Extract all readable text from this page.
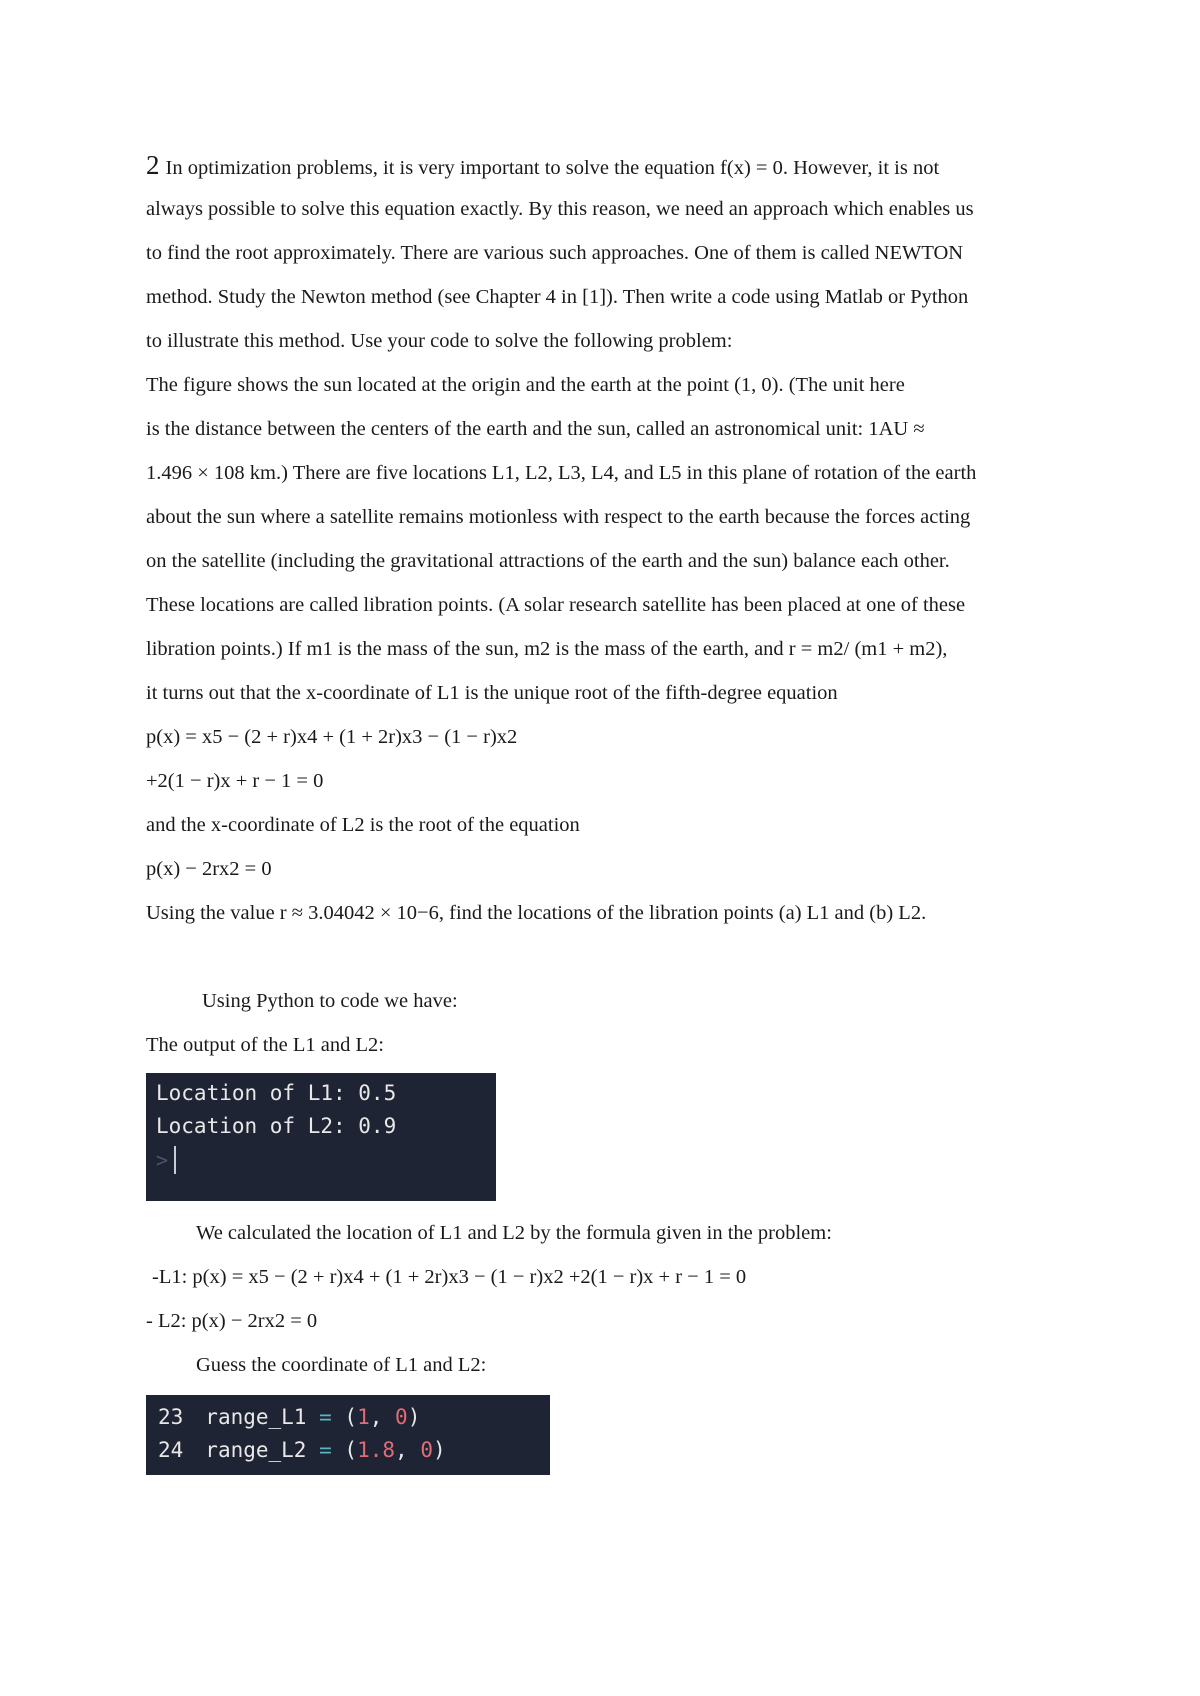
2 In optimization problems, it is very important to solve the equation f(x) = 0. However, it is not
always possible to solve this equation exactly. By this reason, we need an approach which enables us
to find the root approximately. There are various such approaches. One of them is called NEWTON
method. Study the Newton method (see Chapter 4 in [1]). Then write a code using Matlab or Python
to illustrate this method. Use your code to solve the following problem:
The figure shows the sun located at the origin and the earth at the point (1, 0). (The unit here
is the distance between the centers of the earth and the sun, called an astronomical unit: 1AU ≈
1.496 × 108 km.) There are five locations L1, L2, L3, L4, and L5 in this plane of rotation of the earth
about the sun where a satellite remains motionless with respect to the earth because the forces acting
on the satellite (including the gravitational attractions of the earth and the sun) balance each other.
These locations are called libration points. (A solar research satellite has been placed at one of these
libration points.) If m1 is the mass of the sun, m2 is the mass of the earth, and r = m2/ (m1 + m2),
it turns out that the x-coordinate of L1 is the unique root of the fifth-degree equation
p(x) = x5 − (2 + r)x4 + (1 + 2r)x3 − (1 − r)x2
+2(1 − r)x + r − 1 = 0
and the x-coordinate of L2 is the root of the equation
p(x) − 2rx2 = 0
Using the value r ≈ 3.04042 × 10−6, find the locations of the libration points (a) L1 and (b) L2.
Using Python to code we have:
The output of the L1 and L2:
Location of L1: 0.5
Location of L2: 0.9
>
We calculated the location of L1 and L2 by the formula given in the problem:
-L1: p(x) = x5 − (2 + r)x4 + (1 + 2r)x3 − (1 − r)x2 +2(1 − r)x + r − 1 = 0
- L2: p(x) − 2rx2 = 0
Guess the coordinate of L1 and L2:
23 range_L1 = (1, 0)
24 range_L2 = (1.8, 0)
